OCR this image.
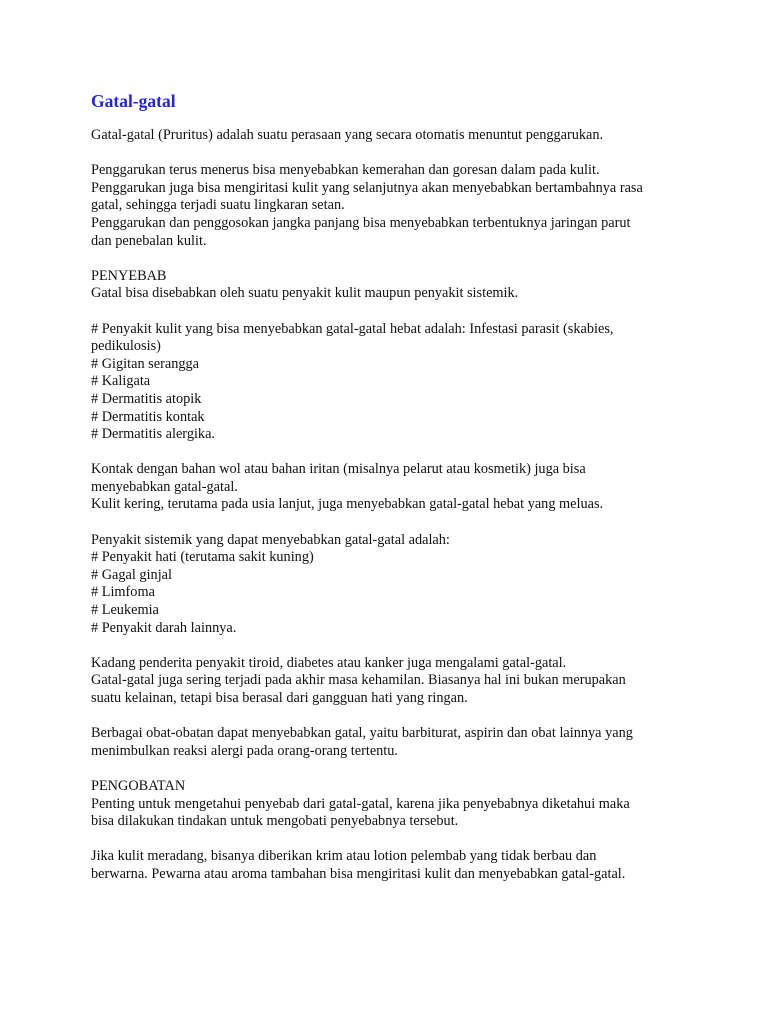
Gatal-gatal
Gatal-gatal (Pruritus) adalah suatu perasaan yang secara otomatis menuntut penggarukan.
Penggarukan terus menerus bisa menyebabkan kemerahan dan goresan dalam pada kulit.
Penggarukan juga bisa mengiritasi kulit yang selanjutnya akan menyebabkan bertambahnya rasa
gatal, sehingga terjadi suatu lingkaran setan.
Penggarukan dan penggosokan jangka panjang bisa menyebabkan terbentuknya jaringan parut
dan penebalan kulit.
PENYEBAB
Gatal bisa disebabkan oleh suatu penyakit kulit maupun penyakit sistemik.
# Penyakit kulit yang bisa menyebabkan gatal-gatal hebat adalah: Infestasi parasit (skabies,
pedikulosis)
# Gigitan serangga
# Kaligata
# Dermatitis atopik
# Dermatitis kontak
# Dermatitis alergika.
Kontak dengan bahan wol atau bahan iritan (misalnya pelarut atau kosmetik) juga bisa
menyebabkan gatal-gatal.
Kulit kering, terutama pada usia lanjut, juga menyebabkan gatal-gatal hebat yang meluas.
Penyakit sistemik yang dapat menyebabkan gatal-gatal adalah:
# Penyakit hati (terutama sakit kuning)
# Gagal ginjal
# Limfoma
# Leukemia
# Penyakit darah lainnya.
Kadang penderita penyakit tiroid, diabetes atau kanker juga mengalami gatal-gatal.
Gatal-gatal juga sering terjadi pada akhir masa kehamilan. Biasanya hal ini bukan merupakan
suatu kelainan, tetapi bisa berasal dari gangguan hati yang ringan.
Berbagai obat-obatan dapat menyebabkan gatal, yaitu barbiturat, aspirin dan obat lainnya yang
menimbulkan reaksi alergi pada orang-orang tertentu.
PENGOBATAN
Penting untuk mengetahui penyebab dari gatal-gatal, karena jika penyebabnya diketahui maka
bisa dilakukan tindakan untuk mengobati penyebabnya tersebut.
Jika kulit meradang, bisanya diberikan krim atau lotion pelembab yang tidak berbau dan
berwarna. Pewarna atau aroma tambahan bisa mengiritasi kulit dan menyebabkan gatal-gatal.
